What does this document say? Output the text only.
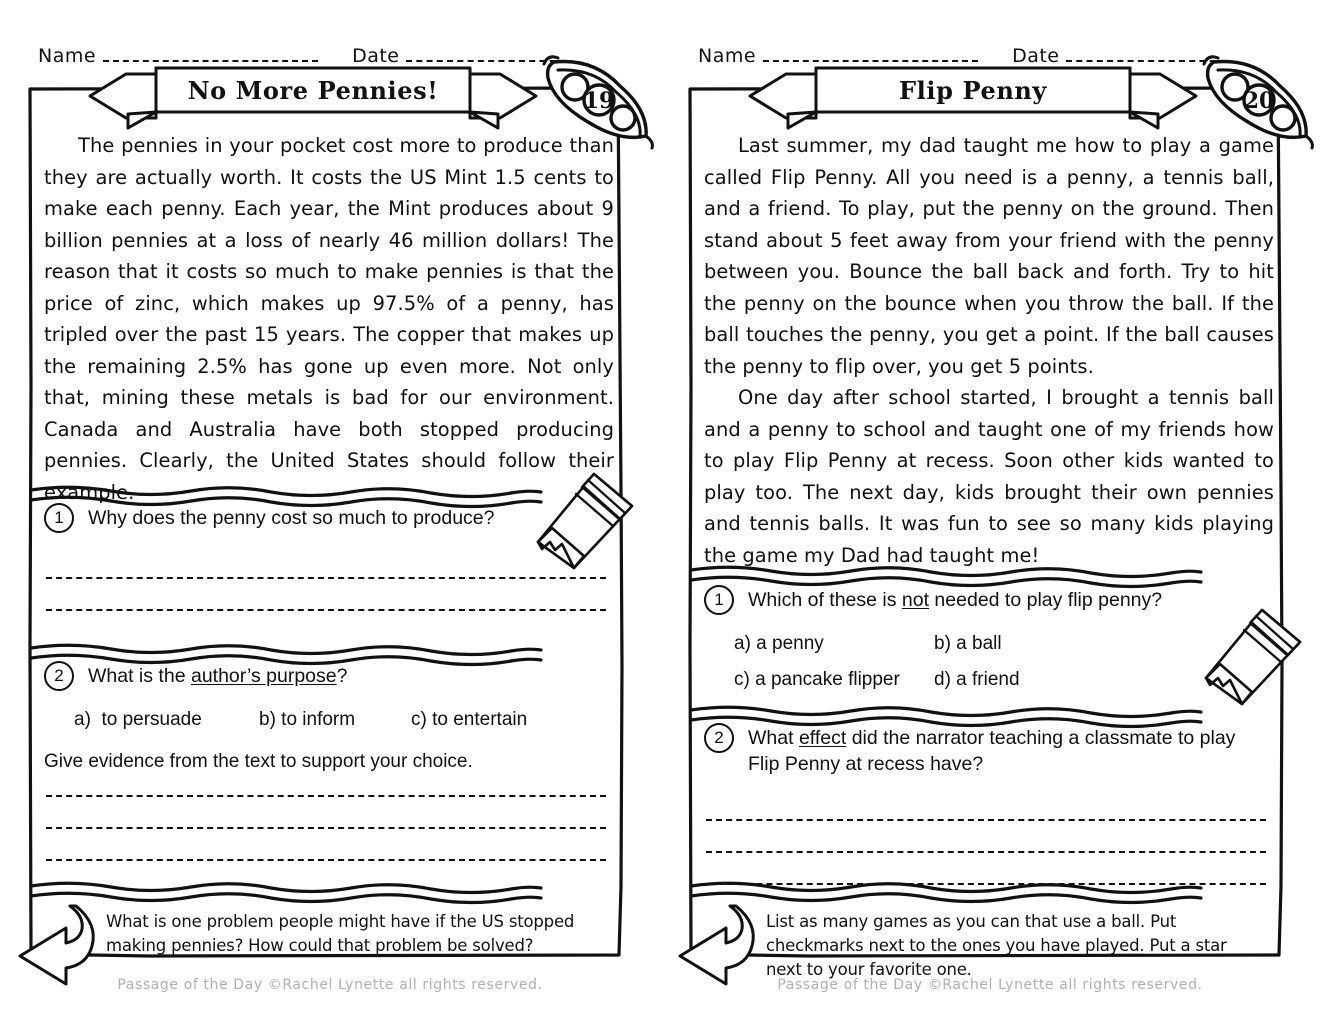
Name	Date
No More Pennies!	19

The pennies in your pocket cost more to produce than they are actually worth. It costs the US Mint 1.5 cents to make each penny. Each year, the Mint produces about 9 billion pennies at a loss of nearly 46 million dollars! The reason that it costs so much to make pennies is that the price of zinc, which makes up 97.5% of a penny, has tripled over the past 15 years. The copper that makes up the remaining 2.5% has gone up even more. Not only that, mining these metals is bad for our environment. Canada and Australia have both stopped producing pennies. Clearly, the United States should follow their example.

1	Why does the penny cost so much to produce?
2	What is the author’s purpose?
a)  to persuade	b) to inform	c) to entertain
Give evidence from the text to support your choice.
What is one problem people might have if the US stopped making pennies? How could that problem be solved?
Passage of the Day ©Rachel Lynette all rights reserved.
Name	Date
Flip Penny	20

Last summer, my dad taught me how to play a game called Flip Penny. All you need is a penny, a tennis ball, and a friend. To play, put the penny on the ground. Then stand about 5 feet away from your friend with the penny between you. Bounce the ball back and forth. Try to hit the penny on the bounce when you throw the ball. If the ball touches the penny, you get a point. If the ball causes the penny to flip over, you get 5 points.

One day after school started, I brought a tennis ball and a penny to school and taught one of my friends how to play Flip Penny at recess. Soon other kids wanted to play too. The next day, kids brought their own pennies and tennis balls. It was fun to see so many kids playing the game my Dad had taught me!

1	Which of these is not needed to play flip penny?
a) a penny	b) a ball
c) a pancake flipper	d) a friend
2	What effect did the narrator teaching a classmate to play Flip Penny at recess have?
List as many games as you can that use a ball. Put checkmarks next to the ones you have played. Put a star next to your favorite one.
Passage of the Day ©Rachel Lynette all rights reserved.
